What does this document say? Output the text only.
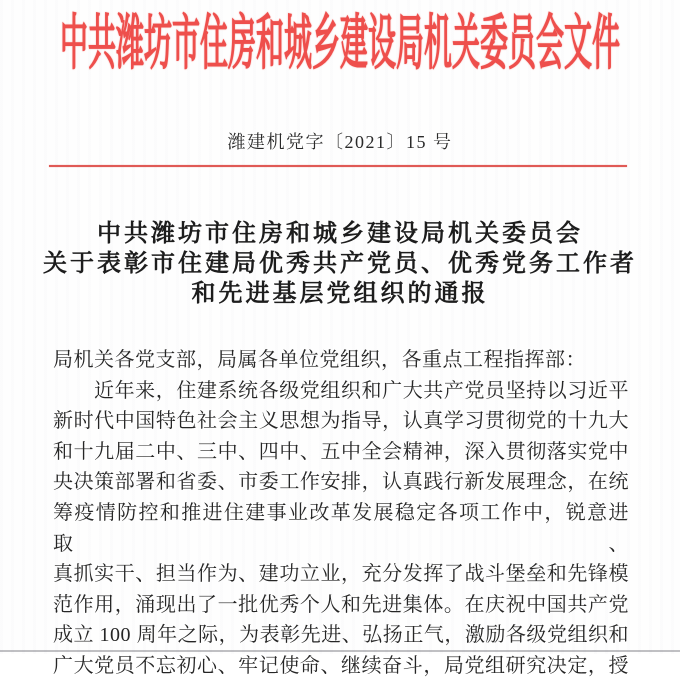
中共潍坊市住房和城乡建设局机关委员会文件
潍建机党字〔2021〕15 号
中共潍坊市住房和城乡建设局机关委员会
关于表彰市住建局优秀共产党员、优秀党务工作者
和先进基层党组织的通报
局机关各党支部，局属各单位党组织，各重点工程指挥部：
近年来，住建系统各级党组织和广大共产党员坚持以习近平
新时代中国特色社会主义思想为指导，认真学习贯彻党的十九大
和十九届二中、三中、四中、五中全会精神，深入贯彻落实党中
央决策部署和省委、市委工作安排，认真践行新发展理念，在统
筹疫情防控和推进住建事业改革发展稳定各项工作中，锐意进取、
真抓实干、担当作为、建功立业，充分发挥了战斗堡垒和先锋模
范作用，涌现出了一批优秀个人和先进集体。在庆祝中国共产党
成立 100 周年之际，为表彰先进、弘扬正气，激励各级党组织和
广大党员不忘初心、牢记使命、继续奋斗，局党组研究决定，授
